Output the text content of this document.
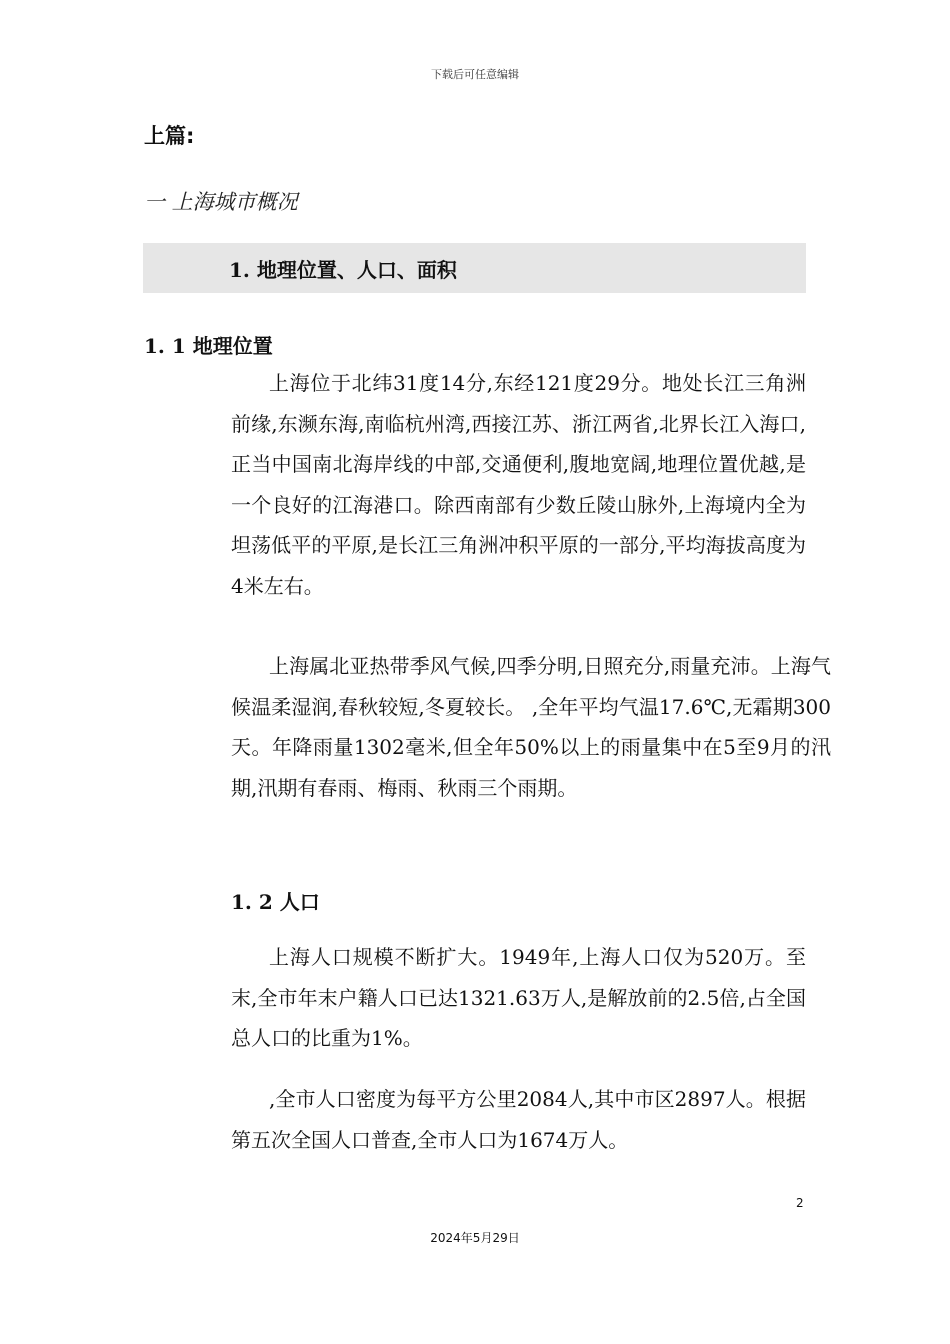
下载后可任意编辑
上篇:
一 上海城市概况
1. 地理位置、人口、面积
1. 1 地理位置
上海位于北纬31度14分,东经121度29分。地处长江三角洲前缘,东濒东海,南临杭州湾,西接江苏、浙江两省,北界长江入海口,正当中国南北海岸线的中部,交通便利,腹地宽阔,地理位置优越,是一个良好的江海港口。除西南部有少数丘陵山脉外,上海境内全为坦荡低平的平原,是长江三角洲冲积平原的一部分,平均海拔高度为4米左右。
上海属北亚热带季风气候,四季分明,日照充分,雨量充沛。上海气候温柔湿润,春秋较短,冬夏较长。 ,全年平均气温17.6℃,无霜期300天。年降雨量1302毫米,但全年50%以上的雨量集中在5至9月的汛期,汛期有春雨、梅雨、秋雨三个雨期。
1. 2 人口
上海人口规模不断扩大。1949年,上海人口仅为520万。至 末,全市年末户籍人口已达1321.63万人,是解放前的2.5倍,占全国总人口的比重为1%。
,全市人口密度为每平方公里2084人,其中市区2897人。根据第五次全国人口普查,全市人口为1674万人。
2
2024年5月29日
